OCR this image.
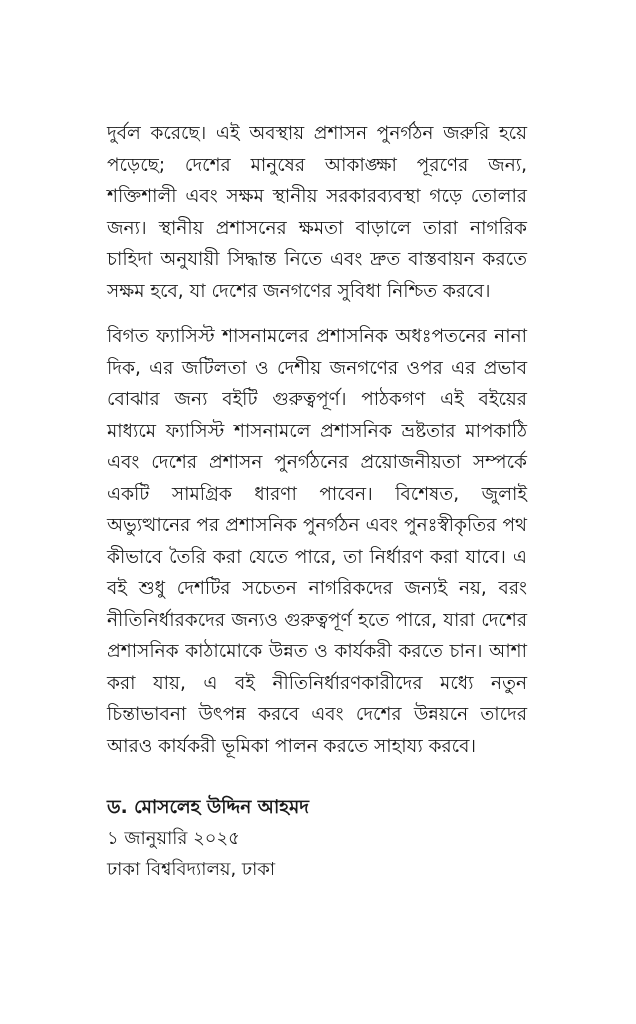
দুর্বল করেছে। এই অবস্থায় প্রশাসন পুনর্গঠন জরুরি হয়ে পড়েছে; দেশের মানুষের আকাঙ্ক্ষা পূরণের জন্য, শক্তিশালী এবং সক্ষম স্থানীয় সরকারব্যবস্থা গড়ে তোলার জন্য। স্থানীয় প্রশাসনের ক্ষমতা বাড়ালে তারা নাগরিক চাহিদা অনুযায়ী সিদ্ধান্ত নিতে এবং দ্রুত বাস্তবায়ন করতে সক্ষম হবে, যা দেশের জনগণের সুবিধা নিশ্চিত করবে।

বিগত ফ্যাসিস্ট শাসনামলের প্রশাসনিক অধঃপতনের নানা দিক, এর জটিলতা ও দেশীয় জনগণের ওপর এর প্রভাব বোঝার জন্য বইটি গুরুত্বপূর্ণ। পাঠকগণ এই বইয়ের মাধ্যমে ফ্যাসিস্ট শাসনামলে প্রশাসনিক ভ্রষ্টতার মাপকাঠি এবং দেশের প্রশাসন পুনর্গঠনের প্রয়োজনীয়তা সম্পর্কে একটি সামগ্রিক ধারণা পাবেন। বিশেষত, জুলাই অভ্যুত্থানের পর প্রশাসনিক পুনর্গঠন এবং পুনঃস্বীকৃতির পথ কীভাবে তৈরি করা যেতে পারে, তা নির্ধারণ করা যাবে। এ বই শুধু দেশটির সচেতন নাগরিকদের জন্যই নয়, বরং নীতিনির্ধারকদের জন্যও গুরুত্বপূর্ণ হতে পারে, যারা দেশের প্রশাসনিক কাঠামোকে উন্নত ও কার্যকরী করতে চান। আশা করা যায়, এ বই নীতিনির্ধারণকারীদের মধ্যে নতুন চিন্তাভাবনা উৎপন্ন করবে এবং দেশের উন্নয়নে তাদের আরও কার্যকরী ভূমিকা পালন করতে সাহায্য করবে।

ড. মোসলেহ উদ্দিন আহমদ
১ জানুয়ারি ২০২৫
ঢাকা বিশ্ববিদ্যালয়, ঢাকা
